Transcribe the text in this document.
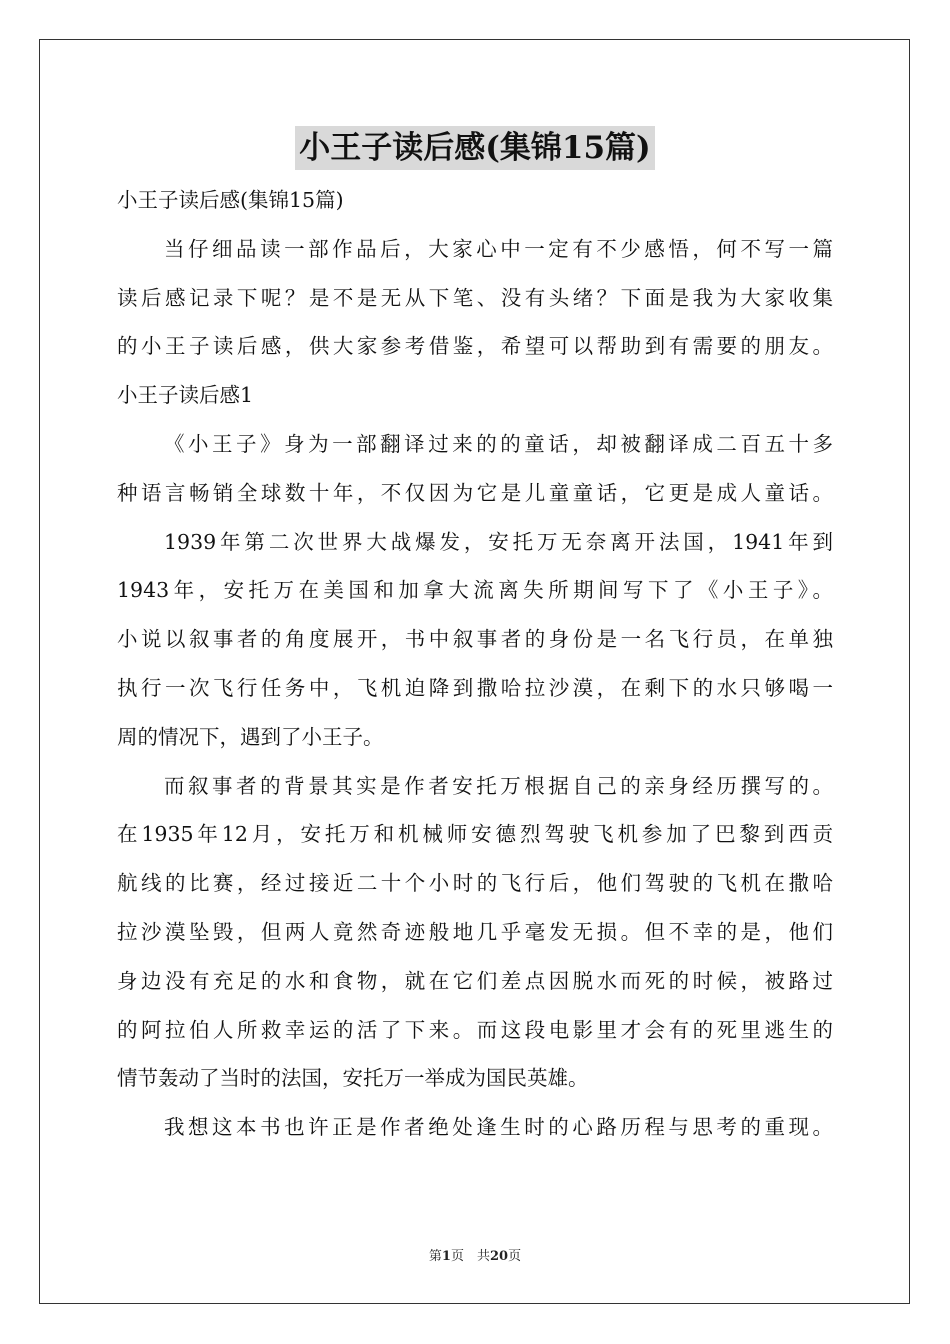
小王子读后感(集锦15篇)
小王子读后感(集锦15篇)
当仔细品读一部作品后，大家心中一定有不少感悟，何不写一篇
读后感记录下呢？是不是无从下笔、没有头绪？下面是我为大家收集
的小王子读后感，供大家参考借鉴，希望可以帮助到有需要的朋友。
小王子读后感1
《小王子》身为一部翻译过来的的童话，却被翻译成二百五十多
种语言畅销全球数十年，不仅因为它是儿童童话，它更是成人童话。
1939年第二次世界大战爆发，安托万无奈离开法国，1941年到
1943年，安托万在美国和加拿大流离失所期间写下了《小王子》。
小说以叙事者的角度展开，书中叙事者的身份是一名飞行员，在单独
执行一次飞行任务中，飞机迫降到撒哈拉沙漠，在剩下的水只够喝一
周的情况下，遇到了小王子。
而叙事者的背景其实是作者安托万根据自己的亲身经历撰写的。
在1935年12月，安托万和机械师安德烈驾驶飞机参加了巴黎到西贡
航线的比赛，经过接近二十个小时的飞行后，他们驾驶的飞机在撒哈
拉沙漠坠毁，但两人竟然奇迹般地几乎毫发无损。但不幸的是，他们
身边没有充足的水和食物，就在它们差点因脱水而死的时候，被路过
的阿拉伯人所救幸运的活了下来。而这段电影里才会有的死里逃生的
情节轰动了当时的法国，安托万一举成为国民英雄。
我想这本书也许正是作者绝处逢生时的心路历程与思考的重现。
第1页　共20页
